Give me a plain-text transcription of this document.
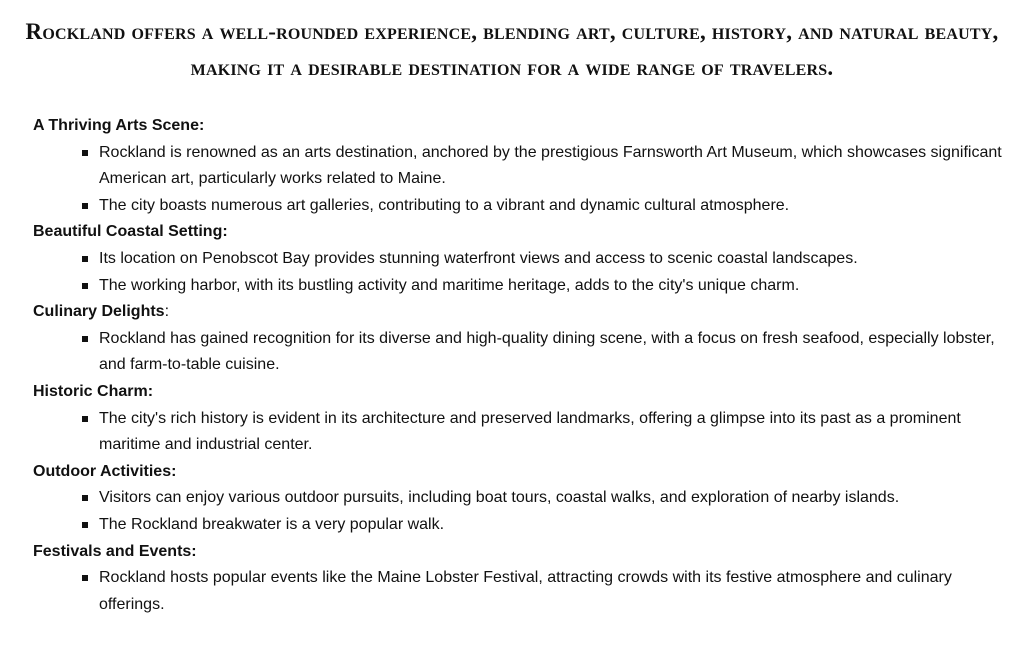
Rockland offers a well-rounded experience, blending art, culture, history, and natural beauty, making it a desirable destination for a wide range of travelers.

A Thriving Arts Scene:

Rockland is renowned as an arts destination, anchored by the prestigious Farnsworth Art Museum, which showcases significant American art, particularly works related to Maine.
The city boasts numerous art galleries, contributing to a vibrant and dynamic cultural atmosphere.

Beautiful Coastal Setting:

Its location on Penobscot Bay provides stunning waterfront views and access to scenic coastal landscapes.
The working harbor, with its bustling activity and maritime heritage, adds to the city's unique charm.

Culinary Delights:

Rockland has gained recognition for its diverse and high-quality dining scene, with a focus on fresh seafood, especially lobster, and farm-to-table cuisine.

Historic Charm:

The city's rich history is evident in its architecture and preserved landmarks, offering a glimpse into its past as a prominent maritime and industrial center.

Outdoor Activities:

Visitors can enjoy various outdoor pursuits, including boat tours, coastal walks, and exploration of nearby islands.
The Rockland breakwater is a very popular walk.

Festivals and Events:

Rockland hosts popular events like the Maine Lobster Festival, attracting crowds with its festive atmosphere and culinary offerings.
